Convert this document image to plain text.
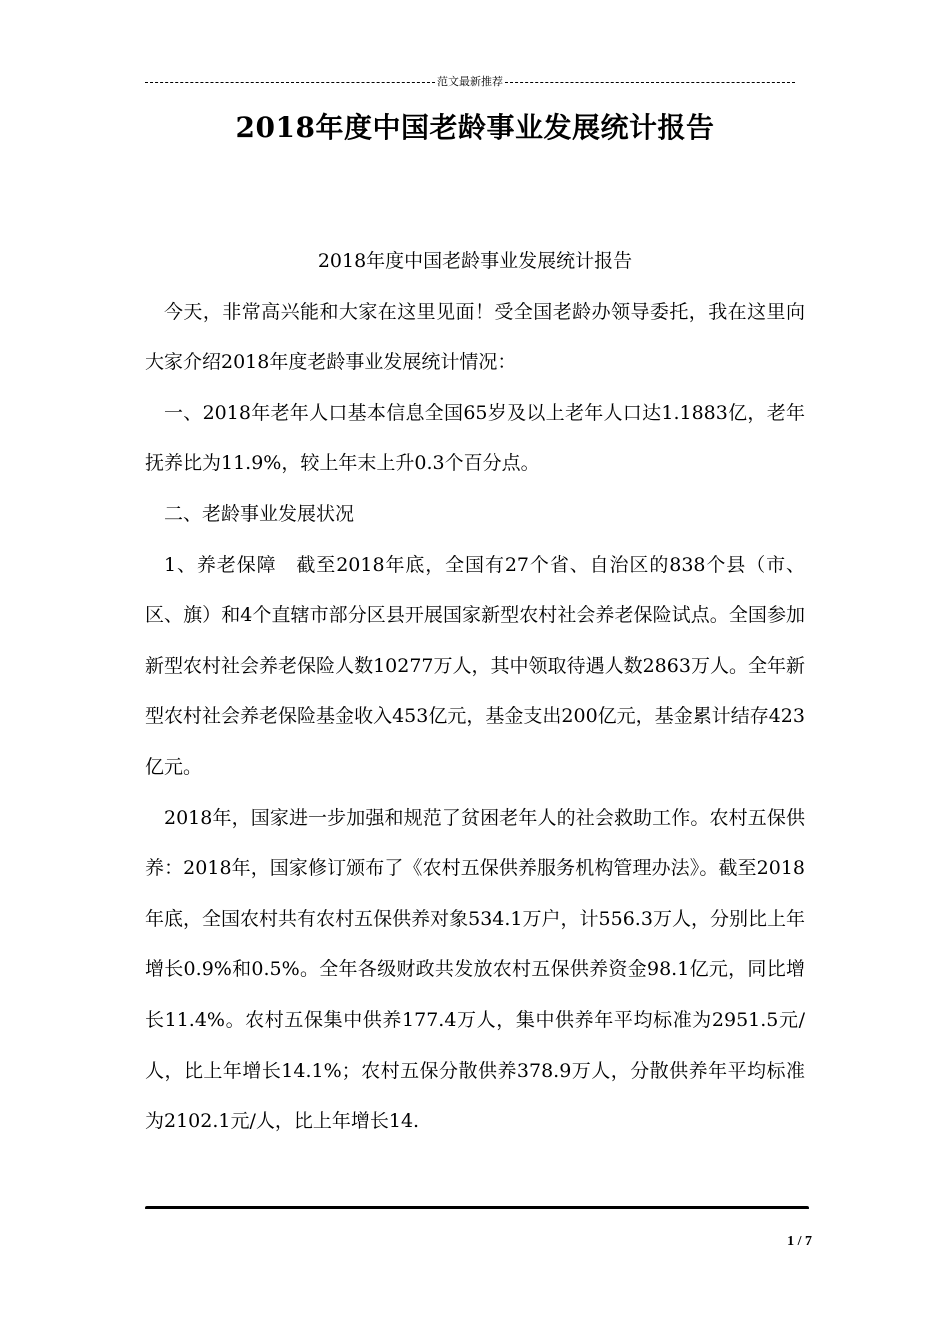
范文最新推荐
2018年度中国老龄事业发展统计报告
2018年度中国老龄事业发展统计报告

今天，非常高兴能和大家在这里见面！受全国老龄办领导委托，我在这里向大家介绍2018年度老龄事业发展统计情况：

一、2018年老年人口基本信息全国65岁及以上老年人口达1.1883亿，老年抚养比为11.9%，较上年末上升0.3个百分点。

二、老龄事业发展状况

1、养老保障　截至2018年底，全国有27个省、自治区的838个县（市、区、旗）和4个直辖市部分区县开展国家新型农村社会养老保险试点。全国参加新型农村社会养老保险人数10277万人，其中领取待遇人数2863万人。全年新型农村社会养老保险基金收入453亿元，基金支出200亿元，基金累计结存423亿元。

2018年，国家进一步加强和规范了贫困老年人的社会救助工作。农村五保供养：2018年，国家修订颁布了《农村五保供养服务机构管理办法》。截至2018年底，全国农村共有农村五保供养对象534.1万户，计556.3万人，分别比上年增长0.9%和0.5%。全年各级财政共发放农村五保供养资金98.1亿元，同比增长11.4%。农村五保集中供养177.4万人，集中供养年平均标准为2951.5元/人，比上年增长14.1%；农村五保分散供养378.9万人，分散供养年平均标准为2102.1元/人，比上年增长14.

1 / 7
